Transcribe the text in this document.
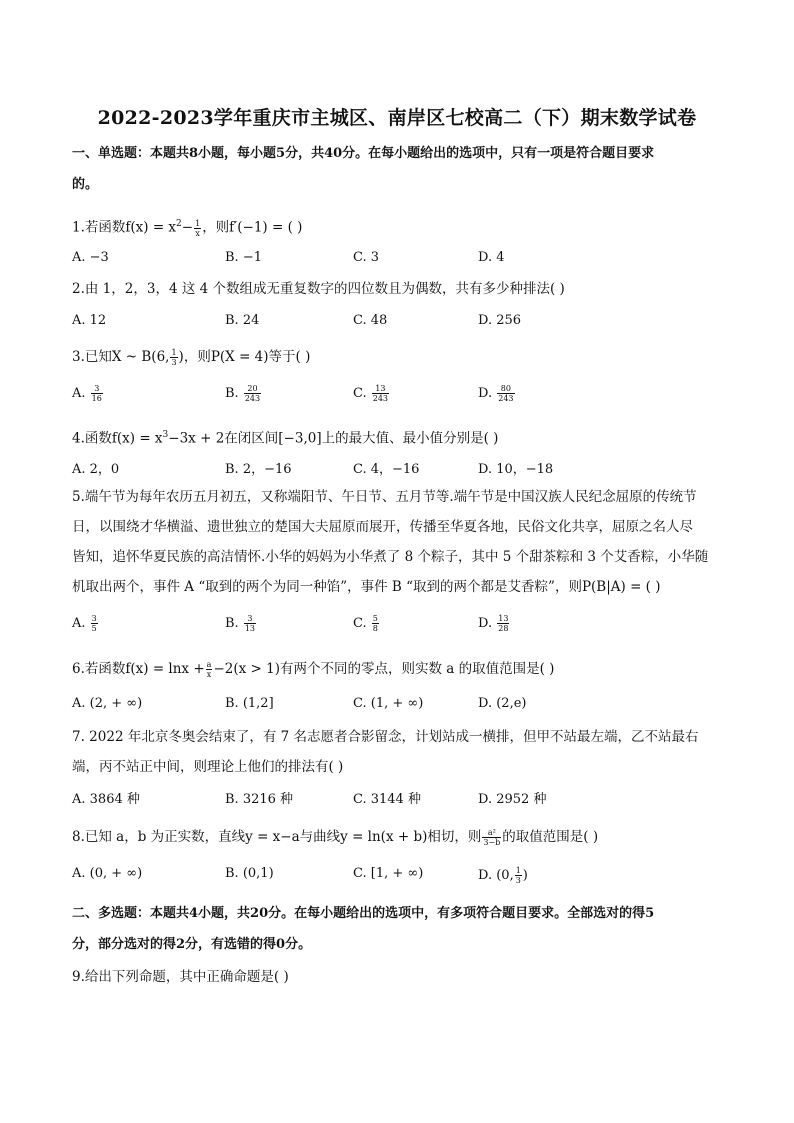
2022-2023学年重庆市主城区、南岸区七校高二（下）期末数学试卷
一、单选题：本题共8小题，每小题5分，共40分。在每小题给出的选项中，只有一项是符合题目要求
的。
1.若函数$f(x) = x^2- \frac{1}{x}$ ，则f′(−1) = ( )
A. −3	B. −1	C. 3	D. 4
2.由 1，2，3，4 这 4 个数组成无重复数字的四位数且为偶数，共有多少种排法( )
A. 12	B. 24	C. 48	D. 256
3.已知X ~ B(6, $\frac{1}{3}$ )，则P(X = 4)等于( )
A. $\frac{3}{16}$	B. $\frac{20}{243}$	C. $\frac{13}{243}$	D. $\frac{80}{243}$
4.函数$f(x) = x^3-3x + 2$在闭区间[−3,0]上的最大值、最小值分别是( )
A. 2，0	B. 2，−16	C. 4，−16	D. 10，−18
5.端午节为每年农历五月初五，又称端阳节、午日节、五月节等.端午节是中国汉族人民纪念屈原的传统节
日，以围绕才华横溢、遗世独立的楚国大夫屈原而展开，传播至华夏各地，民俗文化共享，屈原之名人尽
皆知，追怀华夏民族的高洁情怀.小华的妈妈为小华煮了 8 个粽子，其中 5 个甜茶粽和 3 个艾香粽，小华随
机取出两个，事件 A “取到的两个为同一种馅”，事件 B “取到的两个都是艾香粽”，则P(B|A) = ( )
A. $\frac{3}{5}$	B. $\frac{3}{13}$	C. $\frac{5}{8}$	D. $\frac{13}{28}$
6.若函数$f(x) = \ln x + \frac{a}{x} -2(x > 1)$有两个不同的零点，则实数 a 的取值范围是( )
A. (2, + ∞)	B. (1,2]	C. (1, + ∞)	D. (2,e)
7. 2022 年北京冬奥会结束了，有 7 名志愿者合影留念，计划站成一横排，但甲不站最左端，乙不站最右
端，丙不站正中间，则理论上他们的排法有( )
A. 3864 种	B. 3216 种	C. 3144 种	D. 2952 种
8.已知 a，b 为正实数，直线y = x−a与曲线y = ln(x + b)相切，则 $\frac{\text{a²}}{3-b}$ 的取值范围是( )
A. (0, + ∞)	B. (0,1)	C. [1, + ∞)	D. (0, $\frac{1}{3}$ )
二、多选题：本题共4小题，共20分。在每小题给出的选项中，有多项符合题目要求。全部选对的得5
分，部分选对的得2分，有选错的得0分。
9.给出下列命题，其中正确命题是( )
